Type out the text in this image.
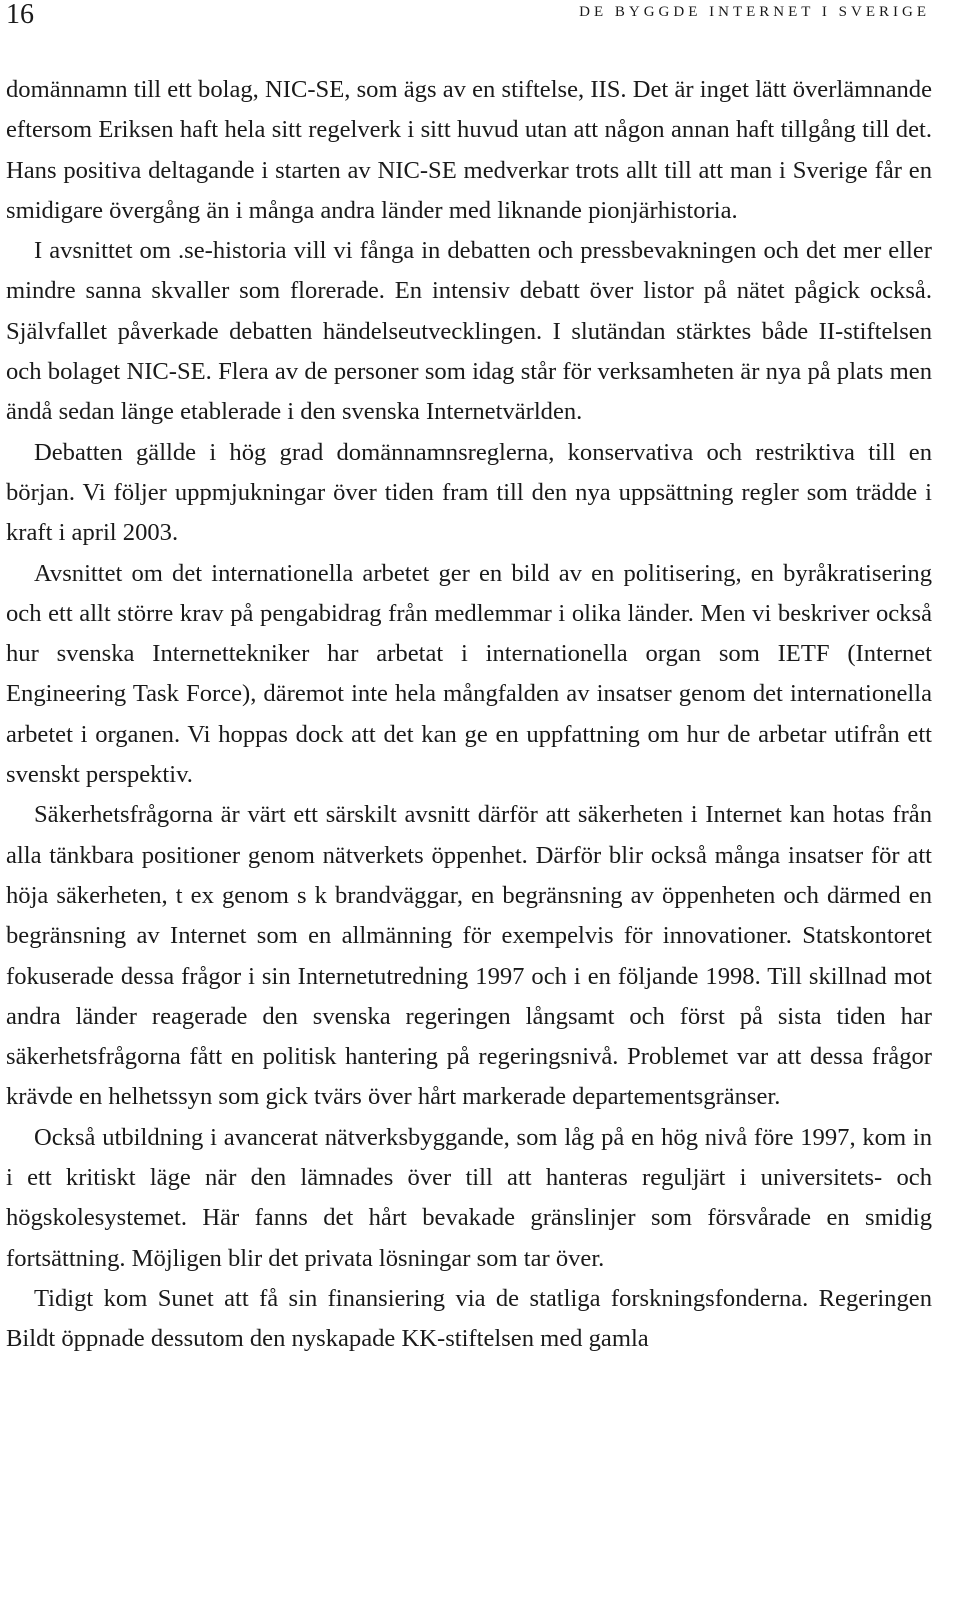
16	DE BYGGDE INTERNET I SVERIGE

domännamn till ett bolag, NIC-SE, som ägs av en stiftelse, IIS. Det är inget lätt överlämnande eftersom Eriksen haft hela sitt regelverk i sitt huvud utan att någon annan haft tillgång till det. Hans positiva deltagande i starten av NIC-SE medverkar trots allt till att man i Sverige får en smidigare övergång än i många andra länder med liknande pionjärhistoria.

I avsnittet om .se-historia vill vi fånga in debatten och pressbevakningen och det mer eller mindre sanna skvaller som florerade. En intensiv debatt över listor på nätet pågick också. Självfallet påverkade debatten händelseutvecklingen. I slutändan stärktes både II-stiftelsen och bolaget NIC-SE. Flera av de personer som idag står för verksamheten är nya på plats men ändå sedan länge etablerade i den svenska Internetvärlden.

Debatten gällde i hög grad domännamnsreglerna, konservativa och restriktiva till en början. Vi följer uppmjukningar över tiden fram till den nya uppsättning regler som trädde i kraft i april 2003.

Avsnittet om det internationella arbetet ger en bild av en politisering, en byråkratisering och ett allt större krav på pengabidrag från medlemmar i olika länder. Men vi beskriver också hur svenska Internettekniker har arbetat i internationella organ som IETF (Internet Engineering Task Force), däremot inte hela mångfalden av insatser genom det internationella arbetet i organen. Vi hoppas dock att det kan ge en uppfattning om hur de arbetar utifrån ett svenskt perspektiv.

Säkerhetsfrågorna är värt ett särskilt avsnitt därför att säkerheten i Internet kan hotas från alla tänkbara positioner genom nätverkets öppenhet. Därför blir också många insatser för att höja säkerheten, t ex genom s k brandväggar, en begränsning av öppenheten och därmed en begränsning av Internet som en allmänning för exempelvis för innovationer. Statskontoret fokuserade dessa frågor i sin Internetutredning 1997 och i en följande 1998. Till skillnad mot andra länder reagerade den svenska regeringen långsamt och först på sista tiden har säkerhetsfrågorna fått en politisk hantering på regeringsnivå. Problemet var att dessa frågor krävde en helhetssyn som gick tvärs över hårt markerade departementsgränser.

Också utbildning i avancerat nätverksbyggande, som låg på en hög nivå före 1997, kom in i ett kritiskt läge när den lämnades över till att hanteras reguljärt i universitets- och högskolesystemet. Här fanns det hårt bevakade gränslinjer som försvårade en smidig fortsättning. Möjligen blir det privata lösningar som tar över.

Tidigt kom Sunet att få sin finansiering via de statliga forskningsfonderna. Regeringen Bildt öppnade dessutom den nyskapade KK-stiftelsen med gamla
